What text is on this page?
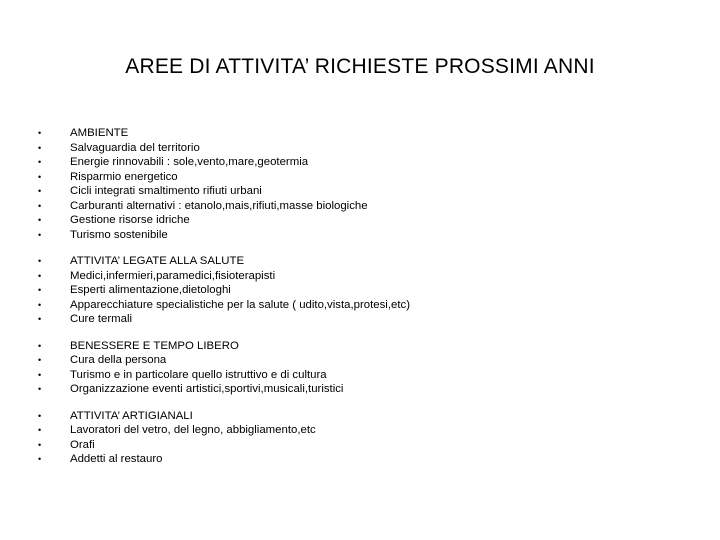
AREE DI ATTIVITA’ RICHIESTE PROSSIMI ANNI
•	AMBIENTE
•	Salvaguardia del territorio
•	Energie rinnovabili : sole,vento,mare,geotermia
•	Risparmio energetico
•	Cicli integrati smaltimento rifiuti urbani
•	Carburanti alternativi : etanolo,mais,rifiuti,masse biologiche
•	Gestione risorse idriche
•	Turismo sostenibile
•	ATTIVITA’ LEGATE ALLA SALUTE
•	Medici,infermieri,paramedici,fisioterapisti
•	Esperti alimentazione,dietologhi
•	Apparecchiature specialistiche per la salute ( udito,vista,protesi,etc)
•	Cure termali
•	BENESSERE E TEMPO LIBERO
•	Cura della persona
•	Turismo e in particolare quello istruttivo e di cultura
•	Organizzazione eventi artistici,sportivi,musicali,turistici
•	ATTIVITA’ ARTIGIANALI
•	Lavoratori del vetro, del legno, abbigliamento,etc
•	Orafi
•	Addetti al restauro
